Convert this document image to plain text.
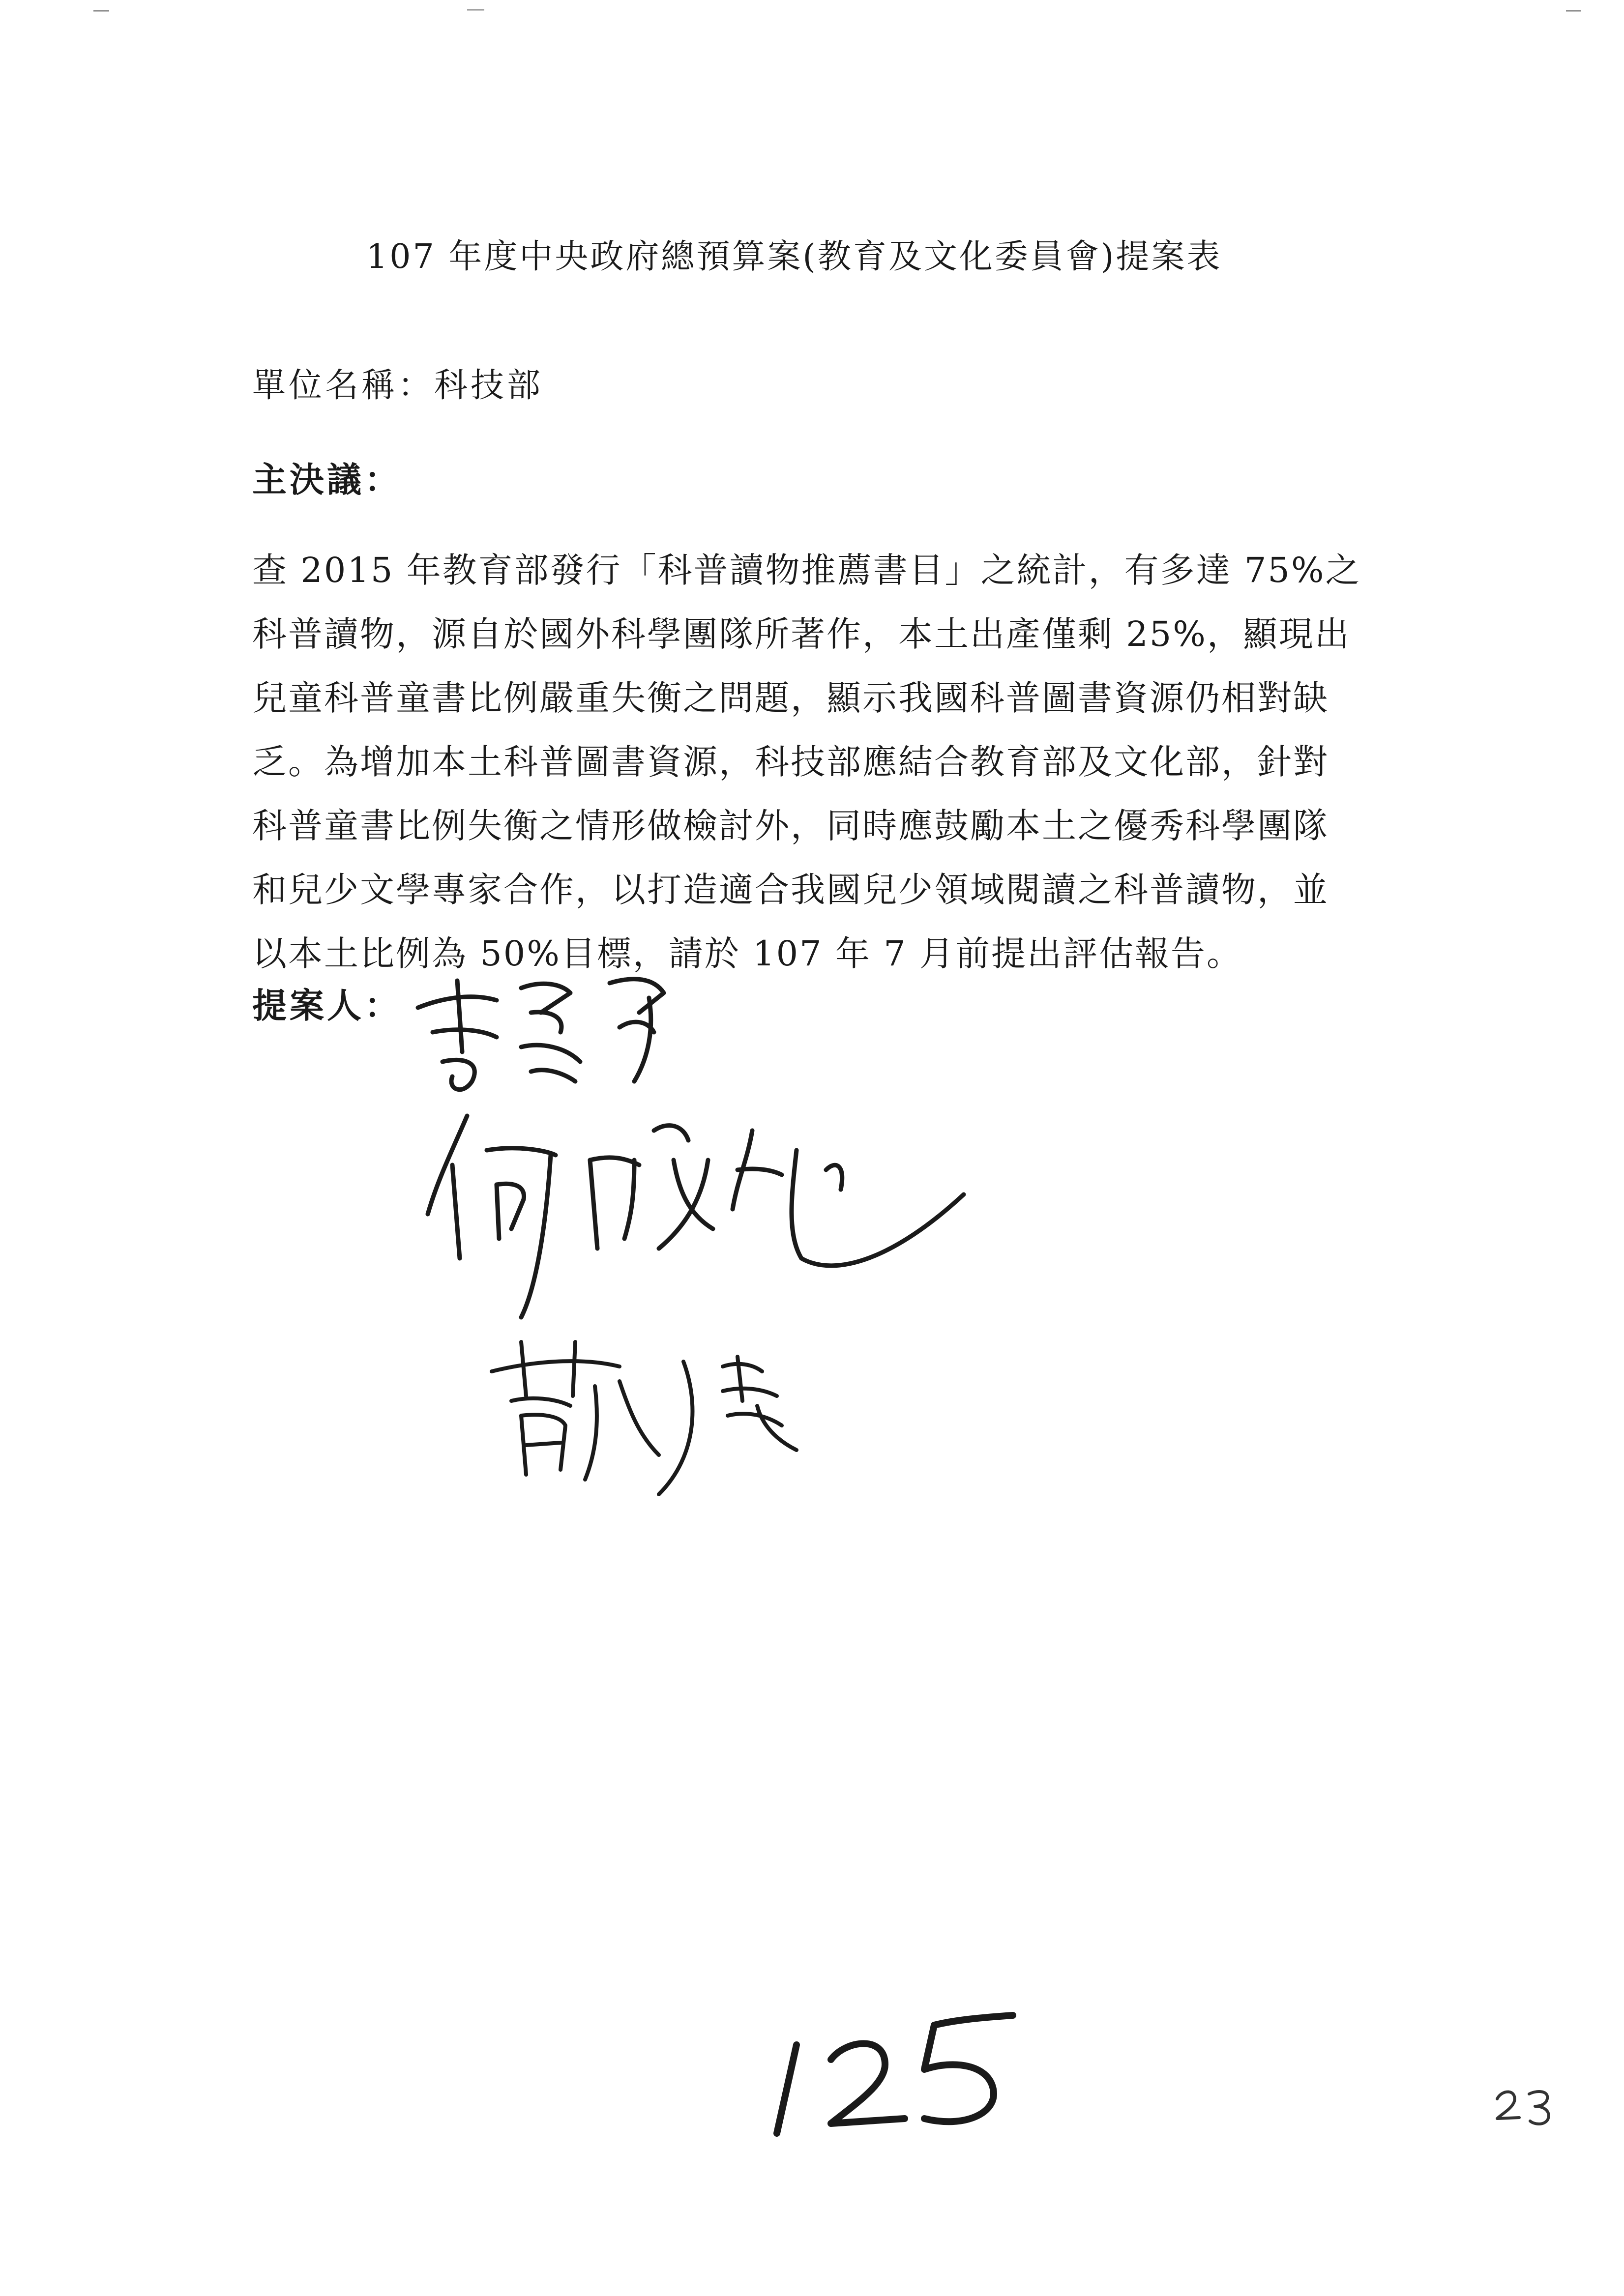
107 年度中央政府總預算案(教育及文化委員會)提案表
單位名稱：科技部
主決議：
查 2015 年教育部發行「科普讀物推薦書目」之統計，有多達 75%之
科普讀物，源自於國外科學團隊所著作，本土出產僅剩 25%，顯現出
兒童科普童書比例嚴重失衡之問題，顯示我國科普圖書資源仍相對缺
乏。為增加本土科普圖書資源，科技部應結合教育部及文化部，針對
科普童書比例失衡之情形做檢討外，同時應鼓勵本土之優秀科學團隊
和兒少文學專家合作，以打造適合我國兒少領域閱讀之科普讀物，並
以本土比例為 50%目標，請於 107 年 7 月前提出評估報告。
提案人：
